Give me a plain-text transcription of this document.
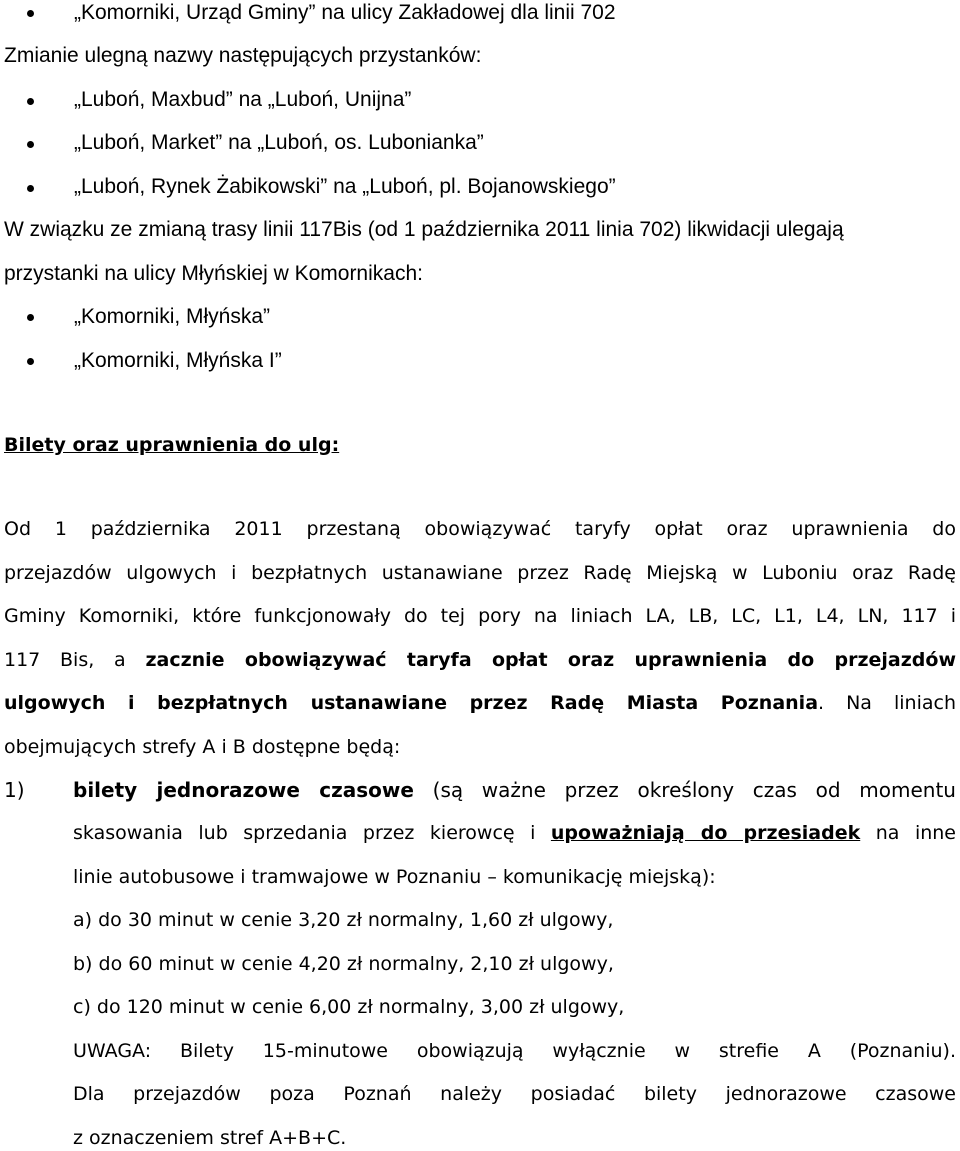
„Komorniki, Urząd Gminy” na ulicy Zakładowej dla linii 702
Zmianie ulegną nazwy następujących przystanków:
„Luboń, Maxbud” na „Luboń, Unijna”
„Luboń, Market” na „Luboń, os. Lubonianka”
„Luboń, Rynek Żabikowski” na „Luboń, pl. Bojanowskiego”
W związku ze zmianą trasy linii 117Bis (od 1 października 2011 linia 702) likwidacji ulegają
przystanki na ulicy Młyńskiej w Komornikach:
„Komorniki, Młyńska”
„Komorniki, Młyńska I”
Bilety oraz uprawnienia do ulg:
Od 1 października 2011 przestaną obowiązywać taryfy opłat oraz uprawnienia do
przejazdów ulgowych i bezpłatnych ustanawiane przez Radę Miejską w Luboniu oraz Radę
Gminy Komorniki, które funkcjonowały do tej pory na liniach LA, LB, LC, L1, L4, LN, 117 i
117 Bis, a zacznie obowiązywać taryfa opłat oraz uprawnienia do przejazdów
ulgowych i bezpłatnych ustanawiane przez Radę Miasta Poznania. Na liniach
obejmujących strefy A i B dostępne będą:
1) bilety jednorazowe czasowe (są ważne przez określony czas od momentu
skasowania lub sprzedania przez kierowcę i upoważniają do przesiadek na inne
linie autobusowe i tramwajowe w Poznaniu – komunikację miejską):
a) do 30 minut w cenie 3,20 zł normalny, 1,60 zł ulgowy,
b) do 60 minut w cenie 4,20 zł normalny, 2,10 zł ulgowy,
c) do 120 minut w cenie 6,00 zł normalny, 3,00 zł ulgowy,
UWAGA: Bilety 15-minutowe obowiązują wyłącznie w strefie A (Poznaniu).
Dla przejazdów poza Poznań należy posiadać bilety jednorazowe czasowe
z oznaczeniem stref A+B+C.
